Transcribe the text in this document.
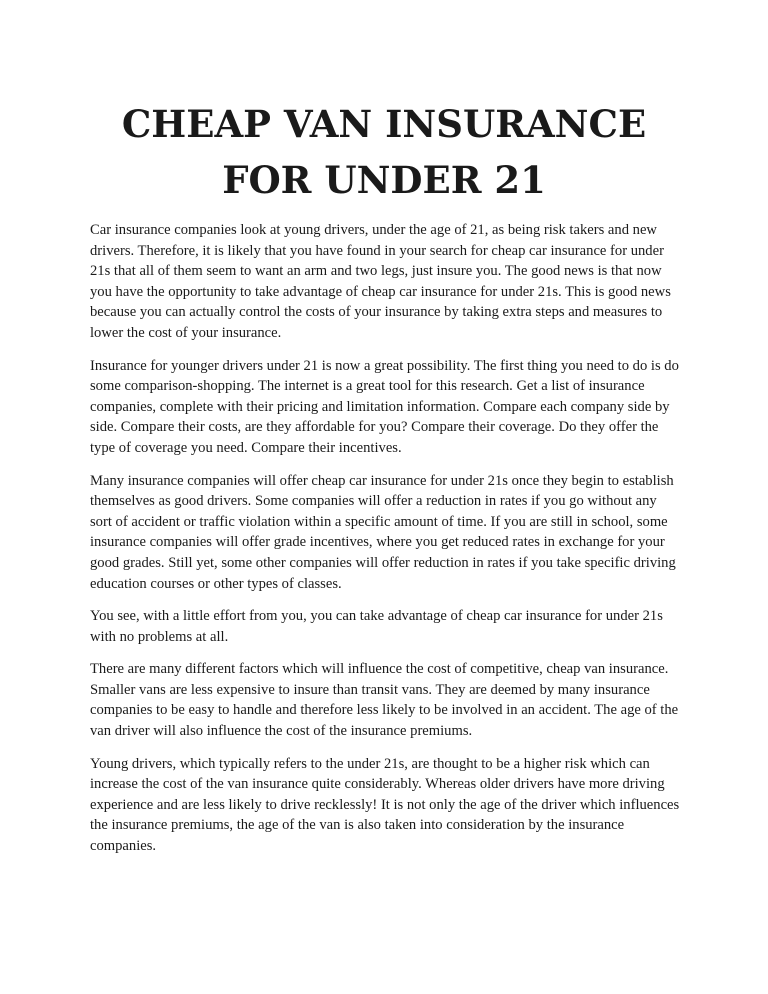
CHEAP VAN INSURANCE
FOR UNDER 21

Car insurance companies look at young drivers, under the age of 21, as being risk takers and new drivers. Therefore, it is likely that you have found in your search for cheap car insurance for under 21s that all of them seem to want an arm and two legs, just insure you. The good news is that now you have the opportunity to take advantage of cheap car insurance for under 21s. This is good news because you can actually control the costs of your insurance by taking extra steps and measures to lower the cost of your insurance.

Insurance for younger drivers under 21 is now a great possibility. The first thing you need to do is do some comparison-shopping. The internet is a great tool for this research. Get a list of insurance companies, complete with their pricing and limitation information. Compare each company side by side. Compare their costs, are they affordable for you? Compare their coverage. Do they offer the type of coverage you need. Compare their incentives.

Many insurance companies will offer cheap car insurance for under 21s once they begin to establish themselves as good drivers. Some companies will offer a reduction in rates if you go without any sort of accident or traffic violation within a specific amount of time. If you are still in school, some insurance companies will offer grade incentives, where you get reduced rates in exchange for your good grades. Still yet, some other companies will offer reduction in rates if you take specific driving education courses or other types of classes.

You see, with a little effort from you, you can take advantage of cheap car insurance for under 21s with no problems at all.

There are many different factors which will influence the cost of competitive, cheap van insurance. Smaller vans are less expensive to insure than transit vans. They are deemed by many insurance companies to be easy to handle and therefore less likely to be involved in an accident. The age of the van driver will also influence the cost of the insurance premiums.

Young drivers, which typically refers to the under 21s, are thought to be a higher risk which can increase the cost of the van insurance quite considerably. Whereas older drivers have more driving experience and are less likely to drive recklessly! It is not only the age of the driver which influences the insurance premiums, the age of the van is also taken into consideration by the insurance companies.
